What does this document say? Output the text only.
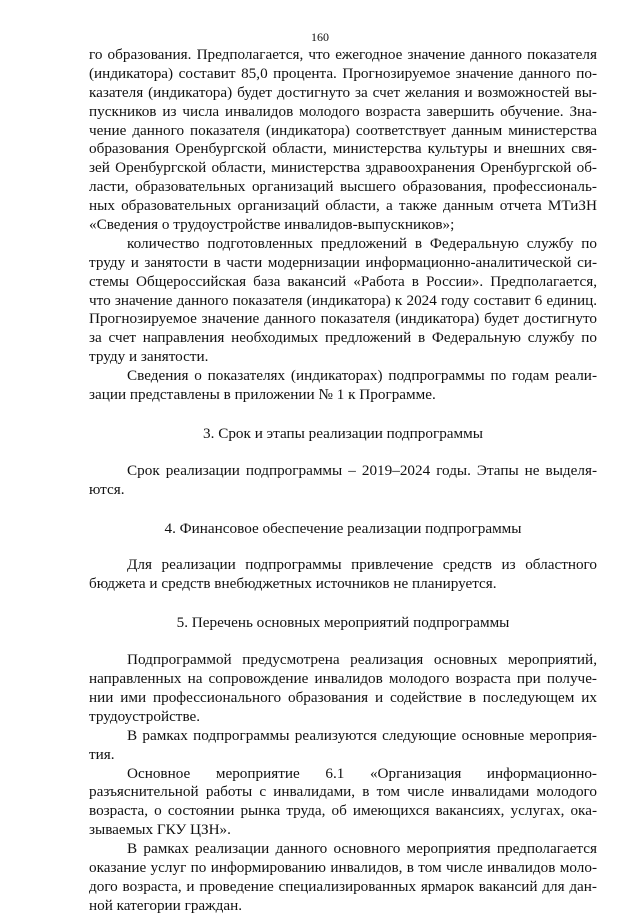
160
го образования. Предполагается, что ежегодное значение данного показателя
(индикатора) составит 85,0 процента. Прогнозируемое значение данного по-
казателя (индикатора) будет достигнуто за счет желания и возможностей вы-
пускников из числа инвалидов молодого возраста завершить обучение. Зна-
чение данного показателя (индикатора) соответствует данным министерства
образования Оренбургской области, министерства культуры и внешних свя-
зей Оренбургской области, министерства здравоохранения Оренбургской об-
ласти, образовательных организаций высшего образования, профессиональ-
ных образовательных организаций области, а также данным отчета МТиЗН
«Сведения о трудоустройстве инвалидов-выпускников»;
количество подготовленных предложений в Федеральную службу по
труду и занятости в части модернизации информационно-аналитической си-
стемы Общероссийская база вакансий «Работа в России». Предполагается,
что значение данного показателя (индикатора) к 2024 году составит 6 единиц.
Прогнозируемое значение данного показателя (индикатора) будет достигнуто
за счет направления необходимых предложений в Федеральную службу по
труду и занятости.
Сведения о показателях (индикаторах) подпрограммы по годам реали-
зации представлены в приложении № 1 к Программе.
3. Срок и этапы реализации подпрограммы
Срок реализации подпрограммы – 2019–2024 годы. Этапы не выделя-
ются.
4. Финансовое обеспечение реализации подпрограммы
Для реализации подпрограммы привлечение средств из областного
бюджета и средств внебюджетных источников не планируется.
5. Перечень основных мероприятий подпрограммы
Подпрограммой предусмотрена реализация основных мероприятий,
направленных на сопровождение инвалидов молодого возраста при получе-
нии ими профессионального образования и содействие в последующем их
трудоустройстве.
В рамках подпрограммы реализуются следующие основные мероприя-
тия.
Основное мероприятие 6.1 «Организация информационно-
разъяснительной работы с инвалидами, в том числе инвалидами молодого
возраста, о состоянии рынка труда, об имеющихся вакансиях, услугах, ока-
зываемых ГКУ ЦЗН».
В рамках реализации данного основного мероприятия предполагается
оказание услуг по информированию инвалидов, в том числе инвалидов моло-
дого возраста, и проведение специализированных ярмарок вакансий для дан-
ной категории граждан.
